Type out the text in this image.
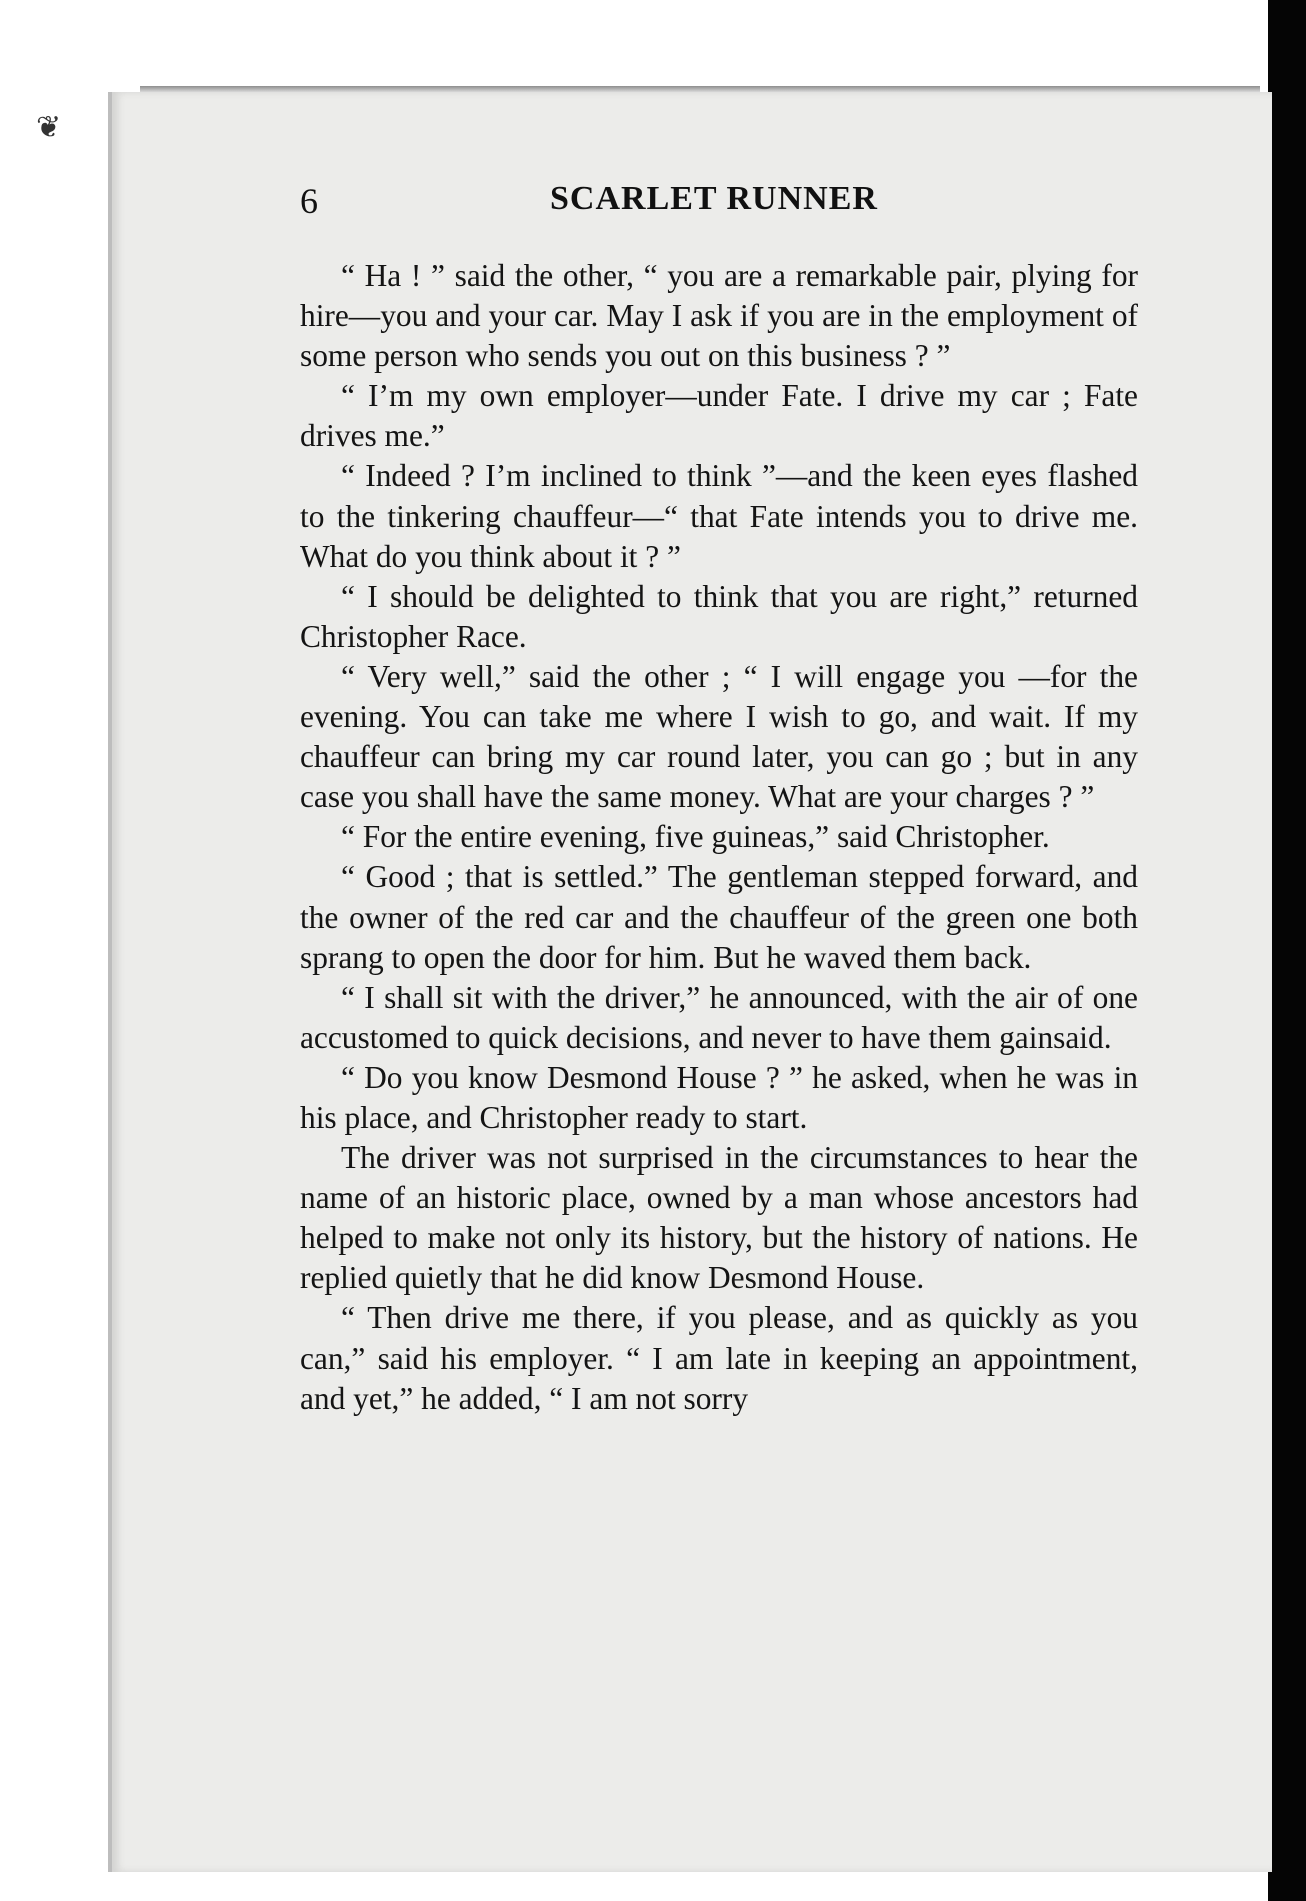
❦
6	SCARLET RUNNER

“ Ha ! ” said the other, “ you are a remarkable pair, plying for hire—you and your car. May I ask if you are in the employment of some person who sends you out on this business ? ”

“ I’m my own employer—under Fate. I drive my car ; Fate drives me.”

“ Indeed ? I’m inclined to think ”—and the keen eyes flashed to the tinkering chauffeur—“ that Fate intends you to drive me. What do you think about it ? ”

“ I should be delighted to think that you are right,” returned Christopher Race.

“ Very well,” said the other ; “ I will engage you —for the evening. You can take me where I wish to go, and wait. If my chauffeur can bring my car round later, you can go ; but in any case you shall have the same money. What are your charges ? ”

“ For the entire evening, five guineas,” said Christopher.

“ Good ; that is settled.” The gentleman stepped forward, and the owner of the red car and the chauffeur of the green one both sprang to open the door for him. But he waved them back.

“ I shall sit with the driver,” he announced, with the air of one accustomed to quick decisions, and never to have them gainsaid.

“ Do you know Desmond House ? ” he asked, when he was in his place, and Christopher ready to start.

The driver was not surprised in the circumstances to hear the name of an historic place, owned by a man whose ancestors had helped to make not only its history, but the history of nations. He replied quietly that he did know Desmond House.

“ Then drive me there, if you please, and as quickly as you can,” said his employer. “ I am late in keeping an appointment, and yet,” he added, “ I am not sorry
